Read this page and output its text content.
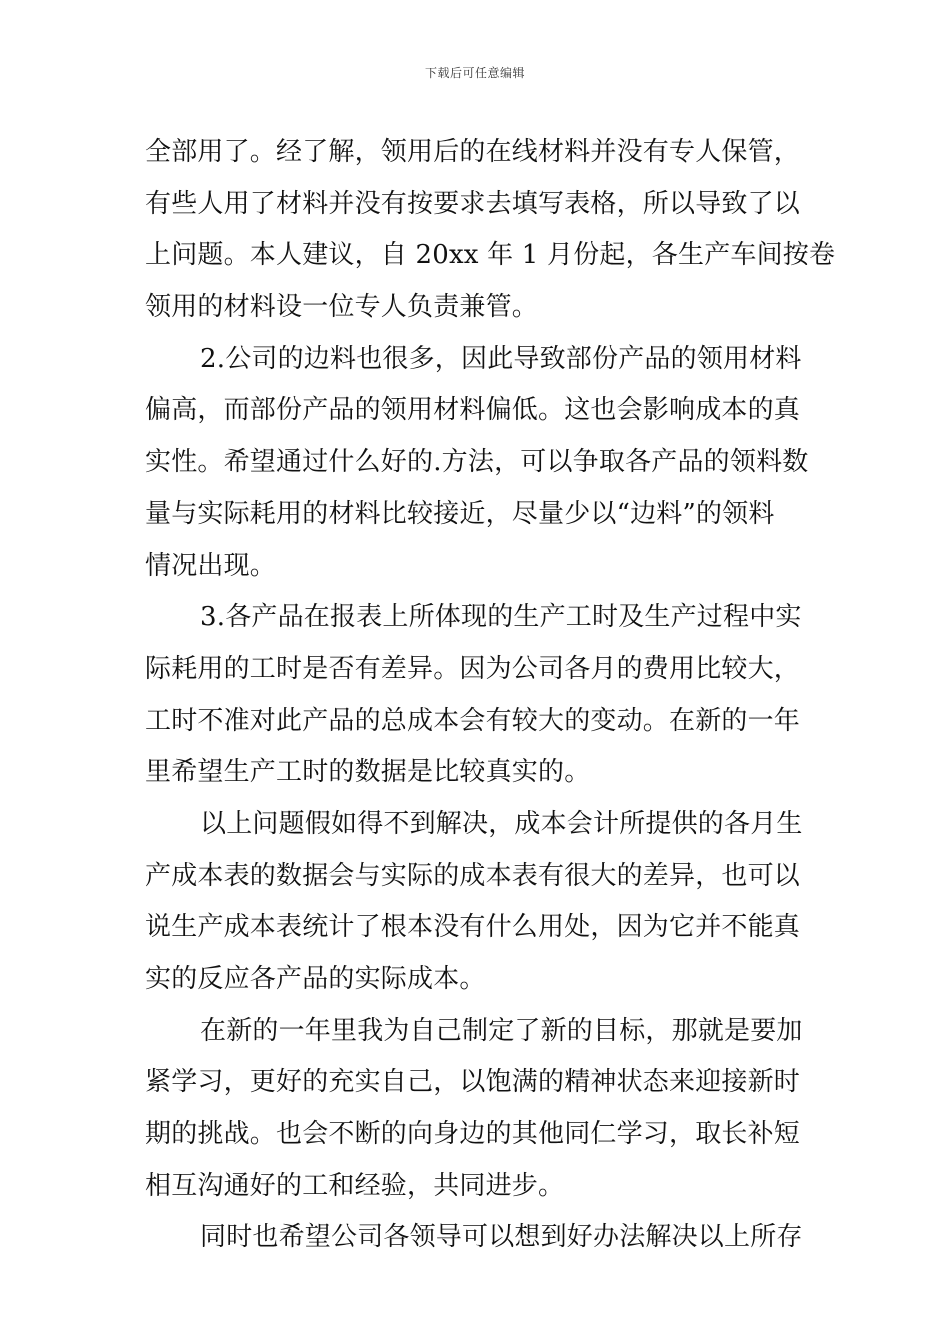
下载后可任意编辑
全部用了。经了解，领用后的在线材料并没有专人保管，
有些人用了材料并没有按要求去填写表格，所以导致了以
上问题。本人建议，自 20xx 年 1 月份起，各生产车间按卷
领用的材料设一位专人负责兼管。
2.公司的边料也很多，因此导致部份产品的领用材料
偏高，而部份产品的领用材料偏低。这也会影响成本的真
实性。希望通过什么好的.方法，可以争取各产品的领料数
量与实际耗用的材料比较接近，尽量少以“边料”的领料
情况出现。
3.各产品在报表上所体现的生产工时及生产过程中实
际耗用的工时是否有差异。因为公司各月的费用比较大，
工时不准对此产品的总成本会有较大的变动。在新的一年
里希望生产工时的数据是比较真实的。
以上问题假如得不到解决，成本会计所提供的各月生
产成本表的数据会与实际的成本表有很大的差异，也可以
说生产成本表统计了根本没有什么用处，因为它并不能真
实的反应各产品的实际成本。
在新的一年里我为自己制定了新的目标，那就是要加
紧学习，更好的充实自己，以饱满的精神状态来迎接新时
期的挑战。也会不断的向身边的其他同仁学习，取长补短
相互沟通好的工和经验，共同进步。
同时也希望公司各领导可以想到好办法解决以上所存
